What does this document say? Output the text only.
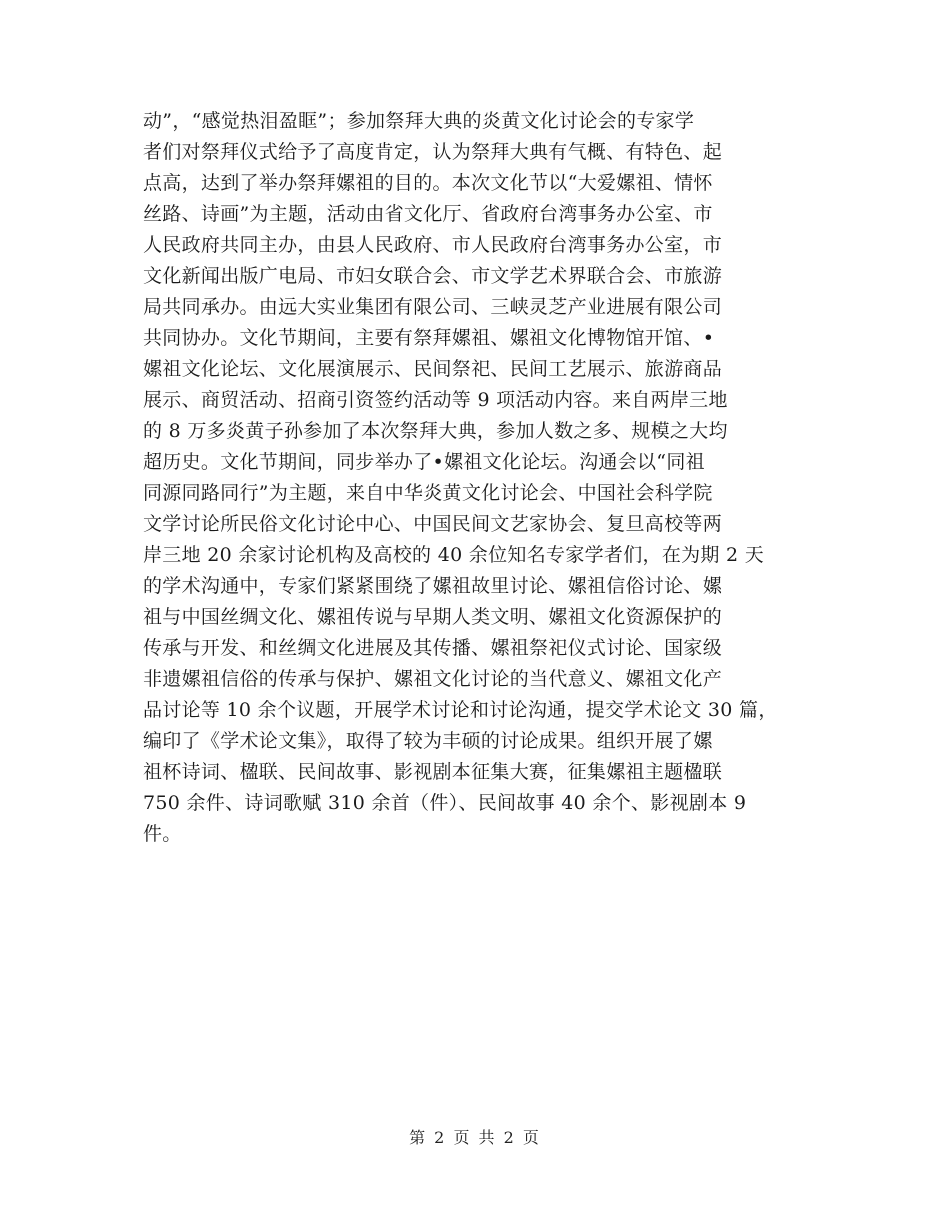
动”，“感觉热泪盈眶”；参加祭拜大典的炎黄文化讨论会的专家学
者们对祭拜仪式给予了高度肯定，认为祭拜大典有气概、有特色、起
点高，达到了举办祭拜嫘祖的目的。本次文化节以“大爱嫘祖、情怀
丝路、诗画”为主题，活动由省文化厅、省政府台湾事务办公室、市
人民政府共同主办，由县人民政府、市人民政府台湾事务办公室，市
文化新闻出版广电局、市妇女联合会、市文学艺术界联合会、市旅游
局共同承办。由远大实业集团有限公司、三峡灵芝产业进展有限公司
共同协办。文化节期间，主要有祭拜嫘祖、嫘祖文化博物馆开馆、•
嫘祖文化论坛、文化展演展示、民间祭祀、民间工艺展示、旅游商品
展示、商贸活动、招商引资签约活动等 9 项活动内容。来自两岸三地
的 8 万多炎黄子孙参加了本次祭拜大典，参加人数之多、规模之大均
超历史。文化节期间，同步举办了•嫘祖文化论坛。沟通会以“同祖
同源同路同行”为主题，来自中华炎黄文化讨论会、中国社会科学院
文学讨论所民俗文化讨论中心、中国民间文艺家协会、复旦高校等两
岸三地 20 余家讨论机构及高校的 40 余位知名专家学者们，在为期 2 天
的学术沟通中，专家们紧紧围绕了嫘祖故里讨论、嫘祖信俗讨论、嫘
祖与中国丝绸文化、嫘祖传说与早期人类文明、嫘祖文化资源保护的
传承与开发、和丝绸文化进展及其传播、嫘祖祭祀仪式讨论、国家级
非遗嫘祖信俗的传承与保护、嫘祖文化讨论的当代意义、嫘祖文化产
品讨论等 10 余个议题，开展学术讨论和讨论沟通，提交学术论文 30 篇，
编印了《学术论文集》，取得了较为丰硕的讨论成果。组织开展了嫘
祖杯诗词、楹联、民间故事、影视剧本征集大赛，征集嫘祖主题楹联
750 余件、诗词歌赋 310 余首（件）、民间故事 40 余个、影视剧本 9
件。
第 2 页 共 2 页
